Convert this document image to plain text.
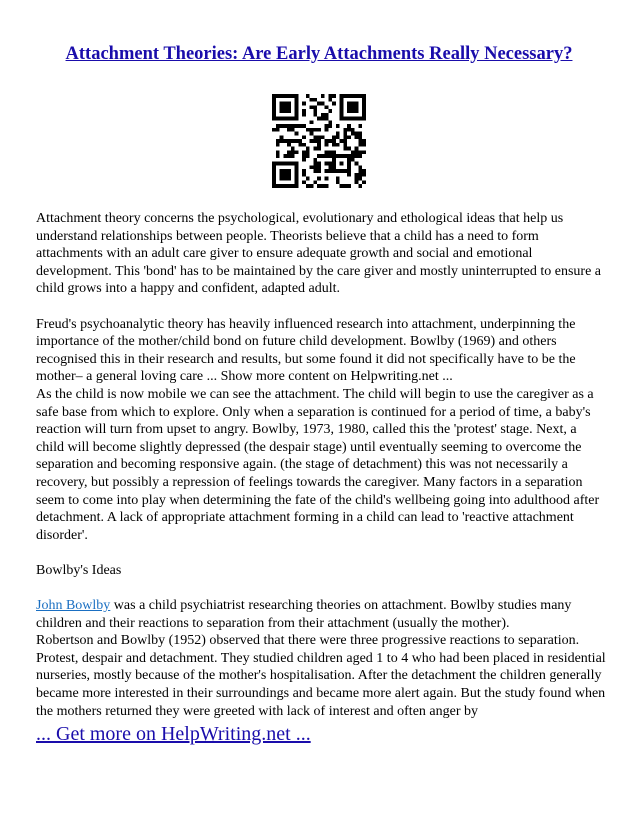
Attachment Theories: Are Early Attachments Really Necessary?

Attachment theory concerns the psychological, evolutionary and ethological ideas that help us understand relationships between people. Theorists believe that a child has a need to form attachments with an adult care giver to ensure adequate growth and social and emotional development. This 'bond' has to be maintained by the care giver and mostly uninterrupted to ensure a child grows into a happy and confident, adapted adult.

Freud's psychoanalytic theory has heavily influenced research into attachment, underpinning the importance of the mother/child bond on future child development. Bowlby (1969) and others recognised this in their research and results, but some found it did not specifically have to be the mother– a general loving care ... Show more content on Helpwriting.net ...

As the child is now mobile we can see the attachment. The child will begin to use the caregiver as a safe base from which to explore. Only when a separation is continued for a period of time, a baby's reaction will turn from upset to angry. Bowlby, 1973, 1980, called this the 'protest' stage. Next, a child will become slightly depressed (the despair stage) until eventually seeming to overcome the separation and becoming responsive again. (the stage of detachment) this was not necessarily a recovery, but possibly a repression of feelings towards the caregiver. Many factors in a separation seem to come into play when determining the fate of the child's wellbeing going into adulthood after detachment. A lack of appropriate attachment forming in a child can lead to 'reactive attachment disorder'.

Bowlby's Ideas

John Bowlby was a child psychiatrist researching theories on attachment. Bowlby studies many children and their reactions to separation from their attachment (usually the mother).

Robertson and Bowlby (1952) observed that there were three progressive reactions to separation. Protest, despair and detachment. They studied children aged 1 to 4 who had been placed in residential nurseries, mostly because of the mother's hospitalisation. After the detachment the children generally became more interested in their surroundings and became more alert again. But the study found when the mothers returned they were greeted with lack of interest and often anger by

... Get more on HelpWriting.net ...
